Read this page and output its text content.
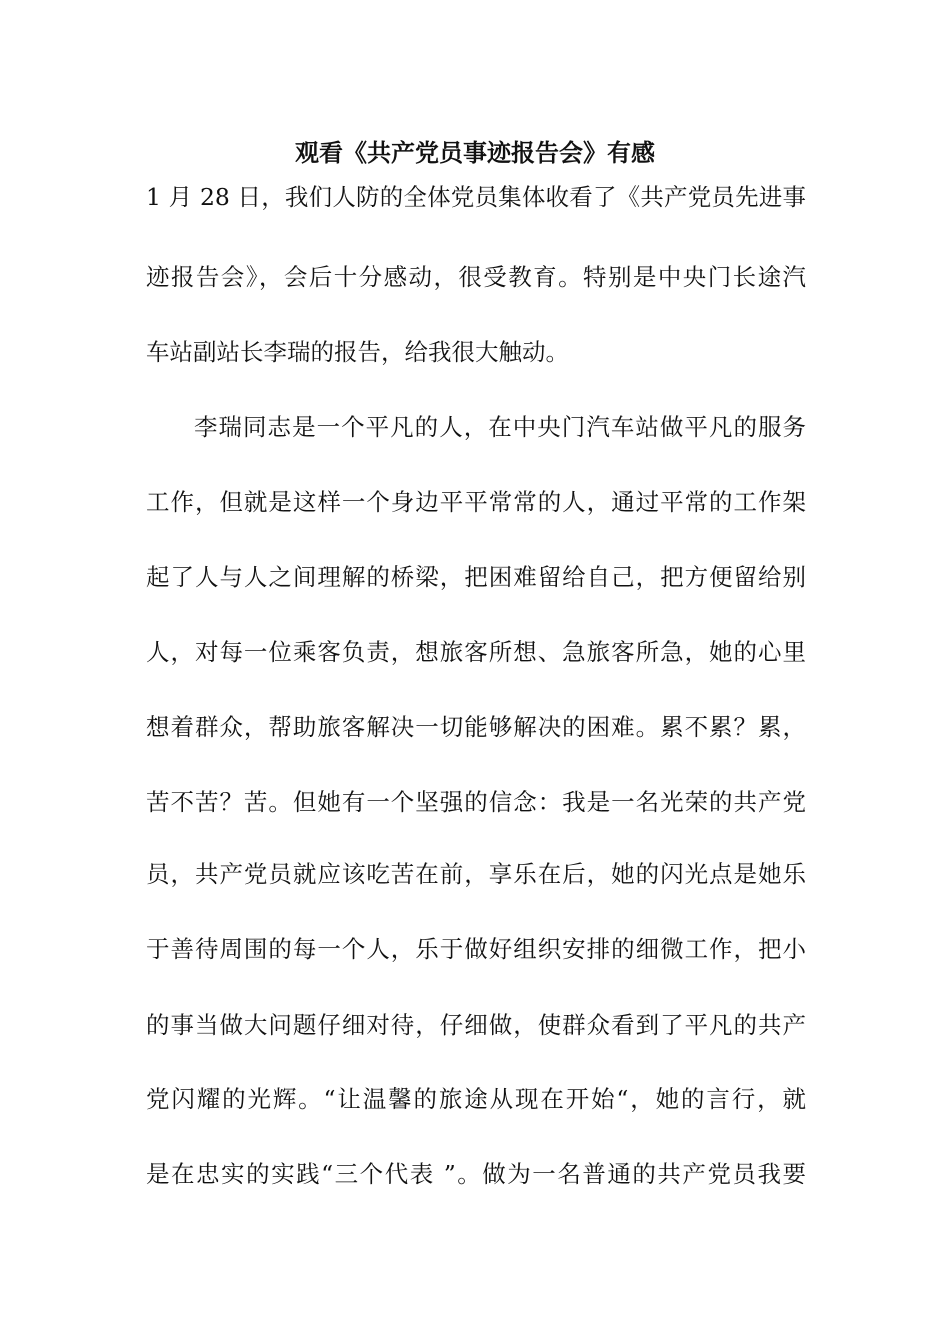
观看《共产党员事迹报告会》有感
1 月 28 日，我们人防的全体党员集体收看了《共产党员先进事
迹报告会》，会后十分感动，很受教育。特别是中央门长途汽
车站副站长李瑞的报告，给我很大触动。
李瑞同志是一个平凡的人，在中央门汽车站做平凡的服务
工作，但就是这样一个身边平平常常的人，通过平常的工作架
起了人与人之间理解的桥梁，把困难留给自己，把方便留给别
人，对每一位乘客负责，想旅客所想、急旅客所急，她的心里
想着群众，帮助旅客解决一切能够解决的困难。累不累？累，
苦不苦？苦。但她有一个坚强的信念：我是一名光荣的共产党
员，共产党员就应该吃苦在前，享乐在后，她的闪光点是她乐
于善待周围的每一个人，乐于做好组织安排的细微工作，把小
的事当做大问题仔细对待，仔细做，使群众看到了平凡的共产
党闪耀的光辉。“让温馨的旅途从现在开始“，她的言行，就
是在忠实的实践“三个代表 ”。做为一名普通的共产党员我要
